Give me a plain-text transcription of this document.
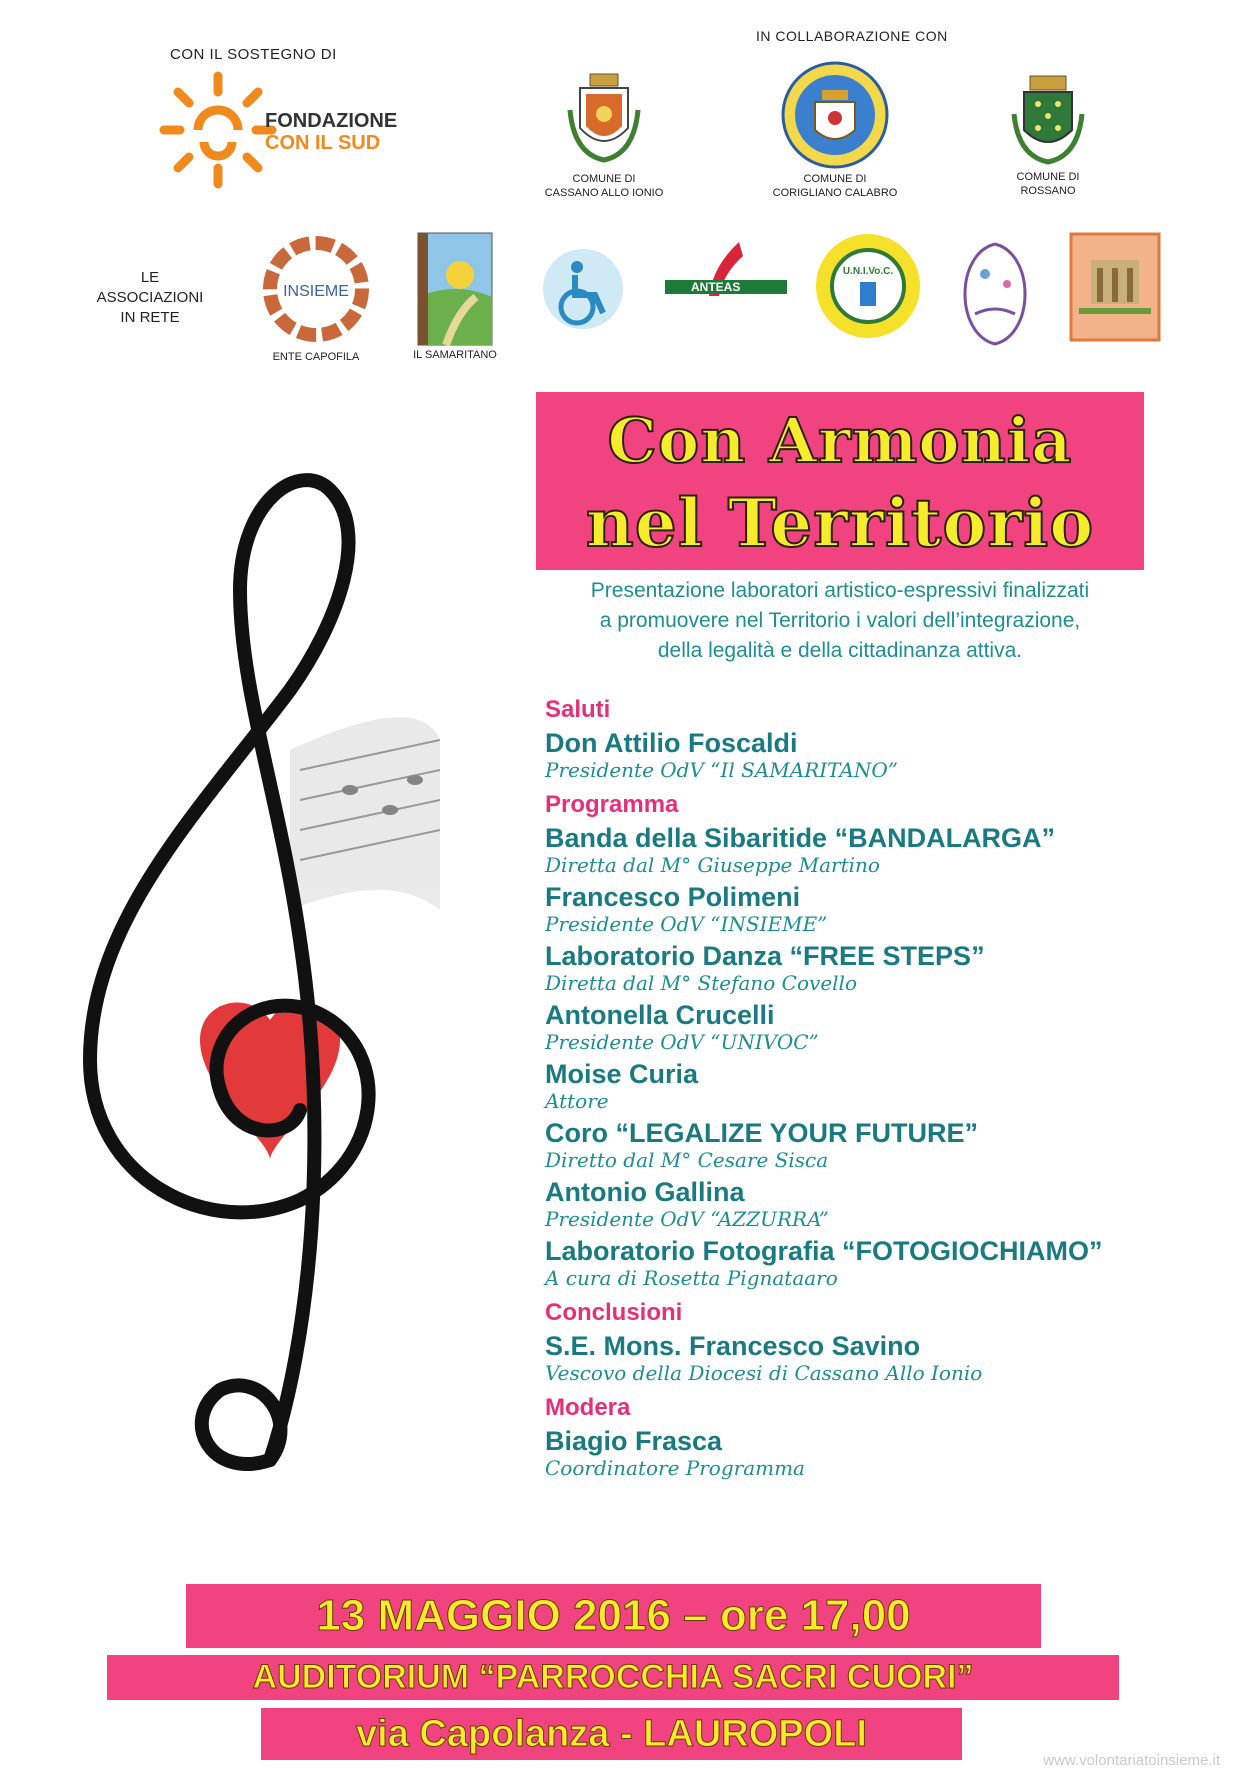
CON IL SOSTEGNO DI
FONDAZIONE
CON IL SUD
IN COLLABORAZIONE CON
COMUNE DI
CASSANO ALLO IONIO
COMUNE DI
CORIGLIANO CALABRO
COMUNE DI
ROSSANO
LE ASSOCIAZIONI
IN RETE
INSIEME
ENTE CAPOFILA	IL SAMARITANO
ANTEAS
U.N.I.Vo.C.
Con Armonia
nel Territorio
Presentazione laboratori artistico-espressivi finalizzati
a promuovere nel Territorio i valori dell’integrazione,
della legalità e della cittadinanza attiva.
Saluti
Don Attilio Foscaldi
Presidente OdV “Il SAMARITANO”
Programma
Banda della Sibaritide “BANDALARGA”
Diretta dal M° Giuseppe Martino
Francesco Polimeni
Presidente OdV “INSIEME”
Laboratorio Danza “FREE STEPS”
Diretta dal M° Stefano Covello
Antonella Crucelli
Presidente OdV “UNIVOC”
Moise Curia
Attore
Coro “LEGALIZE YOUR FUTURE”
Diretto dal M° Cesare Sisca
Antonio Gallina
Presidente OdV “AZZURRA”
Laboratorio Fotografia “FOTOGIOCHIAMO”
A cura di Rosetta Pignataaro
Conclusioni
S.E. Mons. Francesco Savino
Vescovo della Diocesi di Cassano Allo Ionio
Modera
Biagio Frasca
Coordinatore Programma
13 MAGGIO 2016 – ore 17,00
AUDITORIUM “PARROCCHIA SACRI CUORI”
via Capolanza - LAUROPOLI
www.volontariatoinsieme.it
